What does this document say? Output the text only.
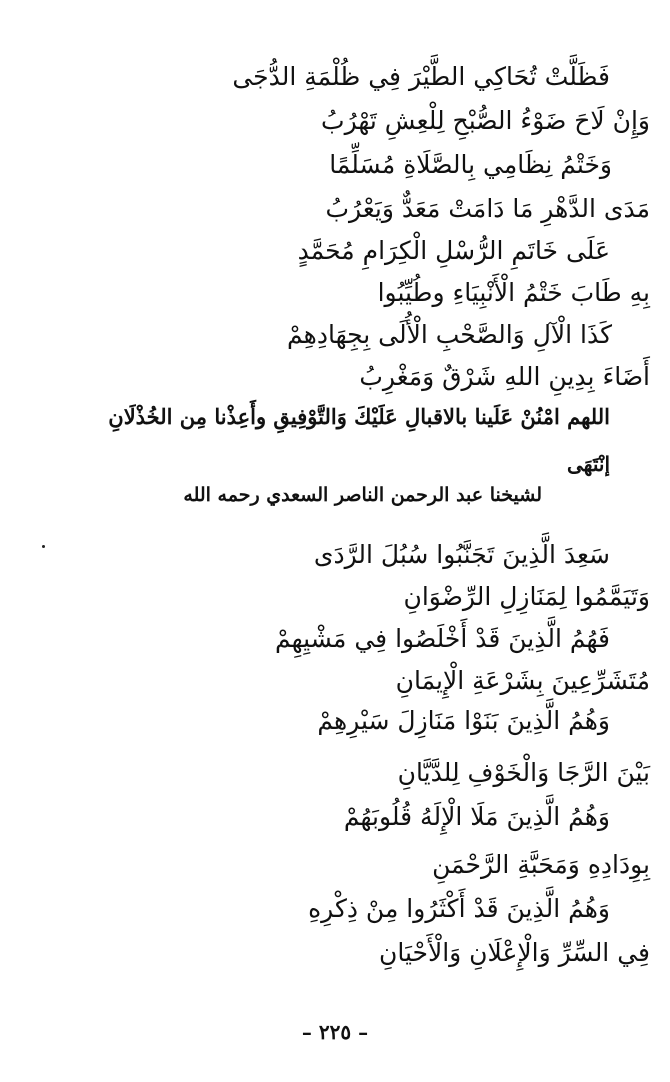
فَظَلَّتْ تُحَاكِي الطَّيْرَ فِي ظُلْمَةِ الدُّجَى
وَإِنْ لَاحَ ضَوْءُ الصُّبْحِ لِلْعِشِ تَهْرُبُ
وَخَتْمُ نِظَامِي بِالصَّلَاةِ مُسَلِّمًا
مَدَى الدَّهْرِ مَا دَامَتْ مَعَدٌّ وَيَعْرُبُ
عَلَى خَاتَمِ الرُّسْلِ الْكِرَامِ مُحَمَّدٍ
بِهِ طَابَ خَتْمُ الْأَنْبِيَاءِ وطُيِّبُوا
كَذَا الْآلِ وَالصَّحْبِ الْأُلَى بِجِهَادِهِمْ
أَضَاءَ بِدِينِ اللهِ شَرْقٌ وَمَغْرِبُ
اللهم امْنُنْ عَلَينا بالاقبالِ عَلَيْكَ وَالتَّوْفِيقِ وأَعِذْنا مِن الخُذْلَانِ
إنْتَهَى
لشيخنا عبد الرحمن الناصر السعدي رحمه الله
سَعِدَ الَّذِينَ تَجَنَّبُوا سُبُلَ الرَّدَى
وَتَيَمَّمُوا لِمَنَازِلِ الرِّضْوَانِ
فَهُمُ الَّذِينَ قَدْ أَخْلَصُوا فِي مَشْيِهِمْ
مُتَشَرِّعِينَ بِشَرْعَةِ الْإِيمَانِ
وَهُمُ الَّذِينَ بَنَوْا مَنَازِلَ سَيْرِهِمْ
بَيْنَ الرَّجَا وَالْخَوْفِ لِلدَّيَّانِ
وَهُمُ الَّذِينَ مَلَا الْإِلَهُ قُلُوبَهُمْ
بِوِدَادِهِ وَمَحَبَّةِ الرَّحْمَنِ
وَهُمُ الَّذِينَ قَدْ أَكْثَرُوا مِنْ ذِكْرِهِ
فِي السِّرِّ وَالْإِعْلَانِ وَالْأَحْيَانِ
– ٢٢٥ –
